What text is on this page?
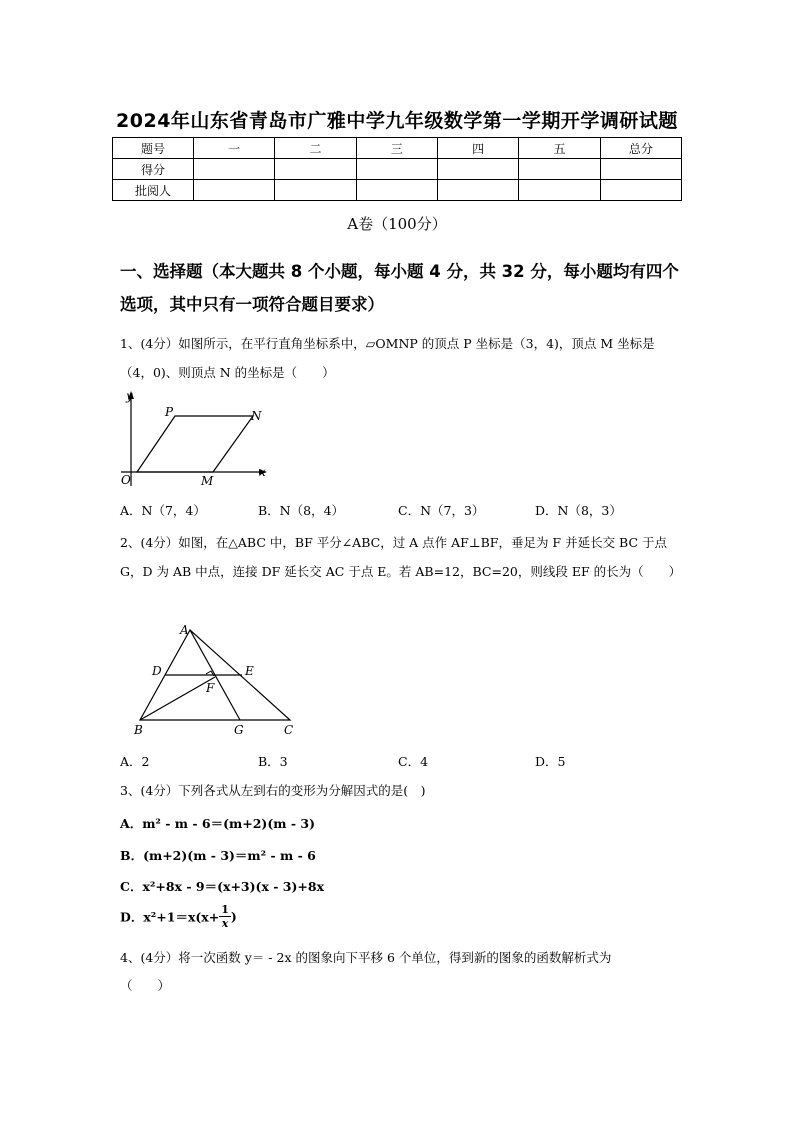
2024年山东省青岛市广雅中学九年级数学第一学期开学调研试题
题号	一	二	三	四	五	总分
得分						
批阅人						
A卷（100分）
一、选择题（本大题共 8 个小题，每小题 4 分，共 32 分，每小题均有四个选项，其中只有一项符合题目要求）
1、(4分）如图所示，在平行直角坐标系中，▱OMNP 的顶点 P 坐标是（3，4)，顶点 M 坐标是（4，0)、则顶点 N 的坐标是（　　）
y
x
O
P	N
M
A．N（7，4）	B．N（8，4）	C．N（7，3）	D．N（8，3）
2、(4分）如图，在△ABC 中，BF 平分∠ABC，过 A 点作 AF⊥BF，垂足为 F 并延长交 BC 于点 G，D 为 AB 中点，连接 DF 延长交 AC 于点 E。若 AB=12，BC=20，则线段 EF 的长为（　　）
A
B	C
D	E
F
G
A．2	B．3	C．4	D．5
3、(4分）下列各式从左到右的变形为分解因式的是(　)
A．m² - m - 6＝(m+2)(m - 3)
B．(m+2)(m - 3)＝m² - m - 6
C．x²+8x - 9＝(x+3)(x - 3)+8x
D．$x^2+1=x(x+ \frac{1}{x}$ )
4、(4分）将一次函数 y＝ - 2x 的图象向下平移 6 个单位，得到新的图象的函数解析式为
（　　）
